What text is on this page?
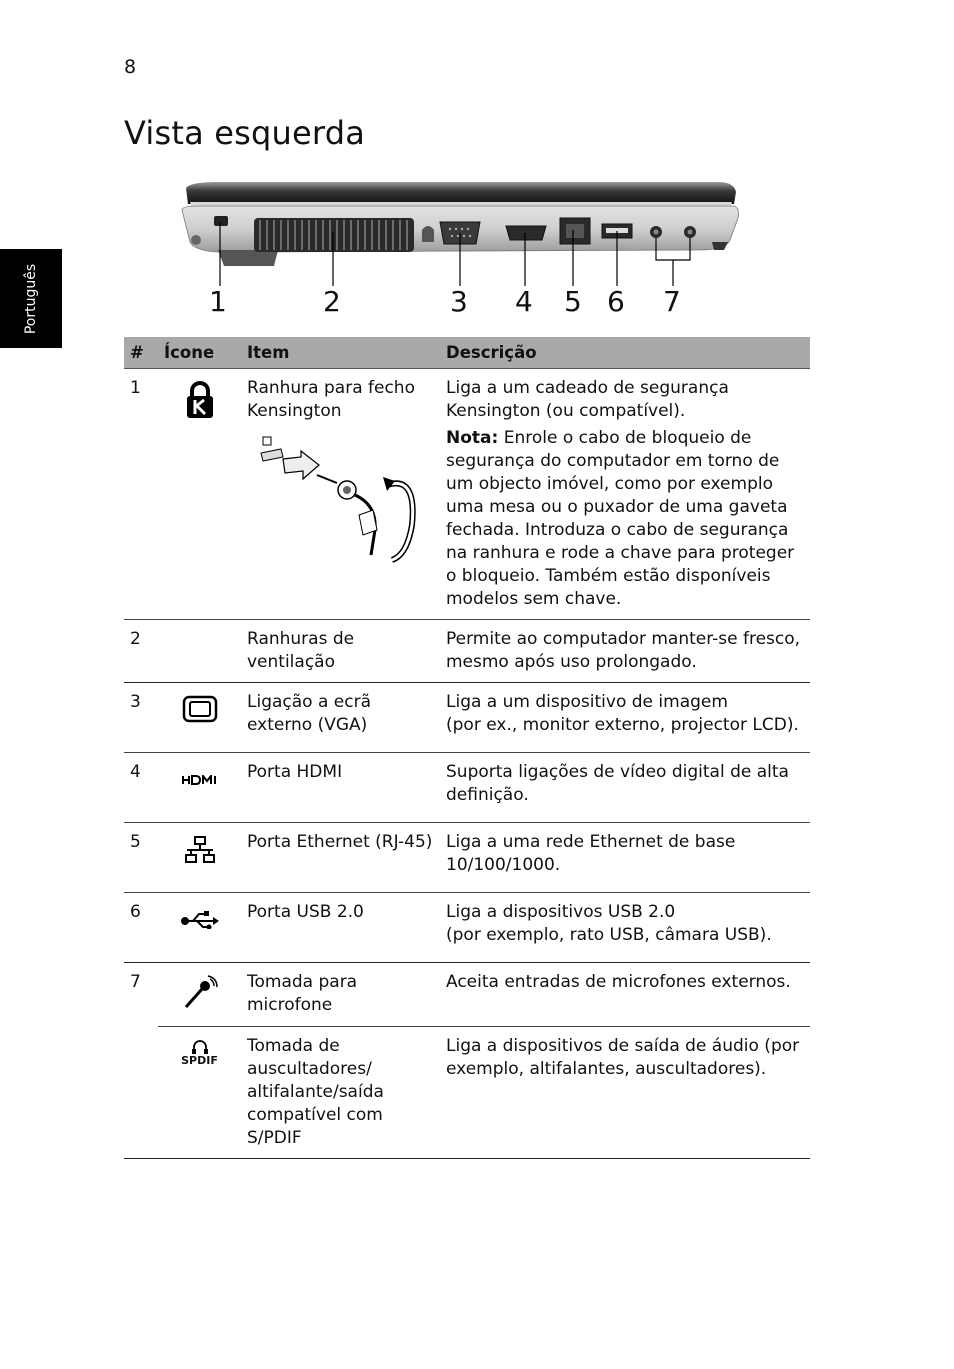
8
Vista esquerda
Português	1	2	3 4 5 6 7
#	Ícone	Item	Descrição
1		Ranhura para fecho Kensington	Liga a um cadeado de segurança Kensington (ou compatível).
Nota: Enrole o cabo de bloqueio de segurança do computador em torno de um objecto imóvel, como por exemplo uma mesa ou o puxador de uma gaveta fechada. Introduza o cabo de segurança na ranhura e rode a chave para proteger o bloqueio. Também estão disponíveis modelos sem chave.

2		Ranhuras de ventilação	Permite ao computador manter-se fresco, mesmo após uso prolongado.
3		Ligação a ecrã externo (VGA)	Liga a um dispositivo de imagem
(por ex., monitor externo, projector LCD).

4		Porta HDMI	Suporta ligações de vídeo digital de alta definição.
5		Porta Ethernet (RJ-45)	Liga a uma rede Ethernet de base 10/100/1000.
6		Porta USB 2.0	Liga a dispositivos USB 2.0
(por exemplo, rato USB, câmara USB).

7		Tomada para microfone	Aceita entradas de microfones externos.

	SPDIF	Tomada de auscultadores/ altifalante/saída compatível com S/PDIF	Liga a dispositivos de saída de áudio (por exemplo, altifalantes, auscultadores).
